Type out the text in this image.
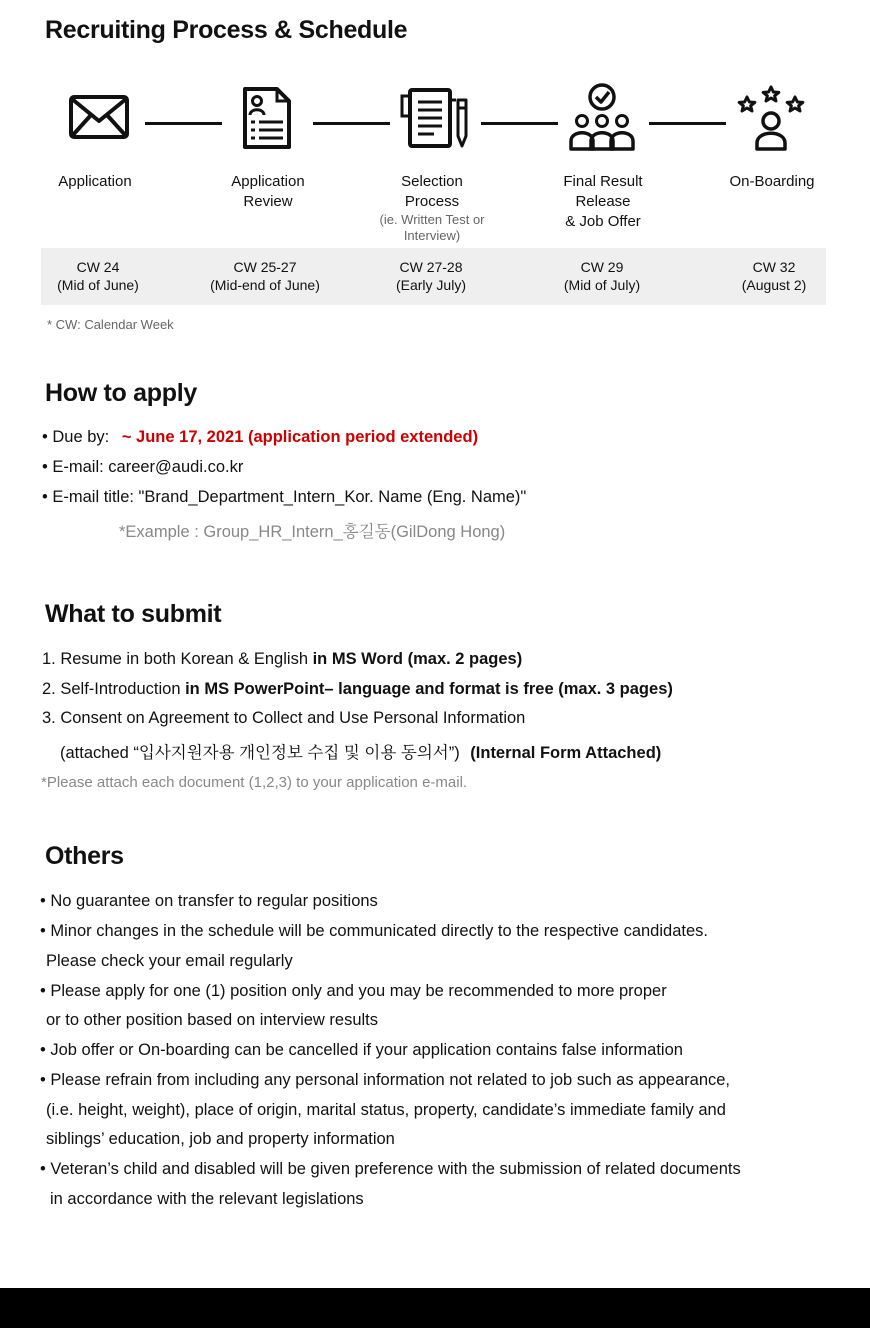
Recruiting Process & Schedule
Application	Application
Review
Selection
Process
(ie. Written Test or Interview)
Final Result
Release
& Job Offer
On-Boarding
CW 24
(Mid of June)
CW 25-27
(Mid-end of June)
CW 27-28
(Early July)
CW 29
(Mid of July)
CW 32
(August 2)
* CW: Calendar Week
How to apply
• Due by: ~ June 17, 2021 (application period extended)
• E-mail: career@audi.co.kr
• E-mail title: "Brand_Department_Intern_Kor. Name (Eng. Name)"
*Example : Group_HR_Intern_홍길동(GilDong Hong)
What to submit
1. Resume in both Korean & English in MS Word (max. 2 pages)
2. Self-Introduction in MS PowerPoint– language and format is free (max. 3 pages)
3. Consent on Agreement to Collect and Use Personal Information
(attached “입사지원자용 개인정보 수집 및 이용 동의서”) (Internal Form Attached)
*Please attach each document (1,2,3) to your application e-mail.
Others
• No guarantee on transfer to regular positions
• Minor changes in the schedule will be communicated directly to the respective candidates.
Please check your email regularly
• Please apply for one (1) position only and you may be recommended to more proper
or to other position based on interview results
• Job offer or On-boarding can be cancelled if your application contains false information
• Please refrain from including any personal information not related to job such as appearance,
(i.e. height, weight), place of origin, marital status, property, candidate’s immediate family and
siblings’ education, job and property information
• Veteran’s child and disabled will be given preference with the submission of related documents
in accordance with the relevant legislations
